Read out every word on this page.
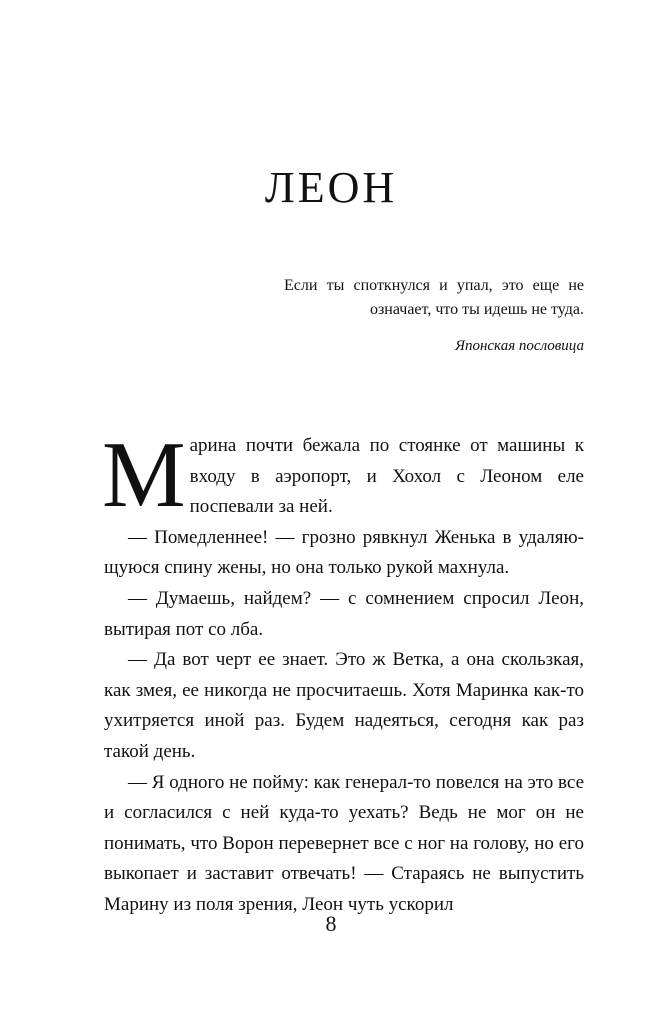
ЛЕОН

Если ты споткнулся и упал, это еще не означает, что ты идешь не туда.

Японская пословица

Марина почти бежала по стоянке от машины к входу в аэропорт, и Хохол с Леоном еле поспевали за ней.

— Помедленнее! — грозно рявкнул Женька в удаляющуюся спину жены, но она только рукой махнула.

— Думаешь, найдем? — с сомнением спросил Леон, вытирая пот со лба.

— Да вот черт ее знает. Это ж Ветка, а она скользкая, как змея, ее никогда не просчитаешь. Хотя Маринка как-то ухитряется иной раз. Будем надеяться, сегодня как раз такой день.

— Я одного не пойму: как генерал-то повелся на это все и согласился с ней куда-то уехать? Ведь не мог он не понимать, что Ворон перевернет все с ног на голову, но его выкопает и заставит отвечать! — Стараясь не выпустить Марину из поля зрения, Леон чуть ускорил

8
